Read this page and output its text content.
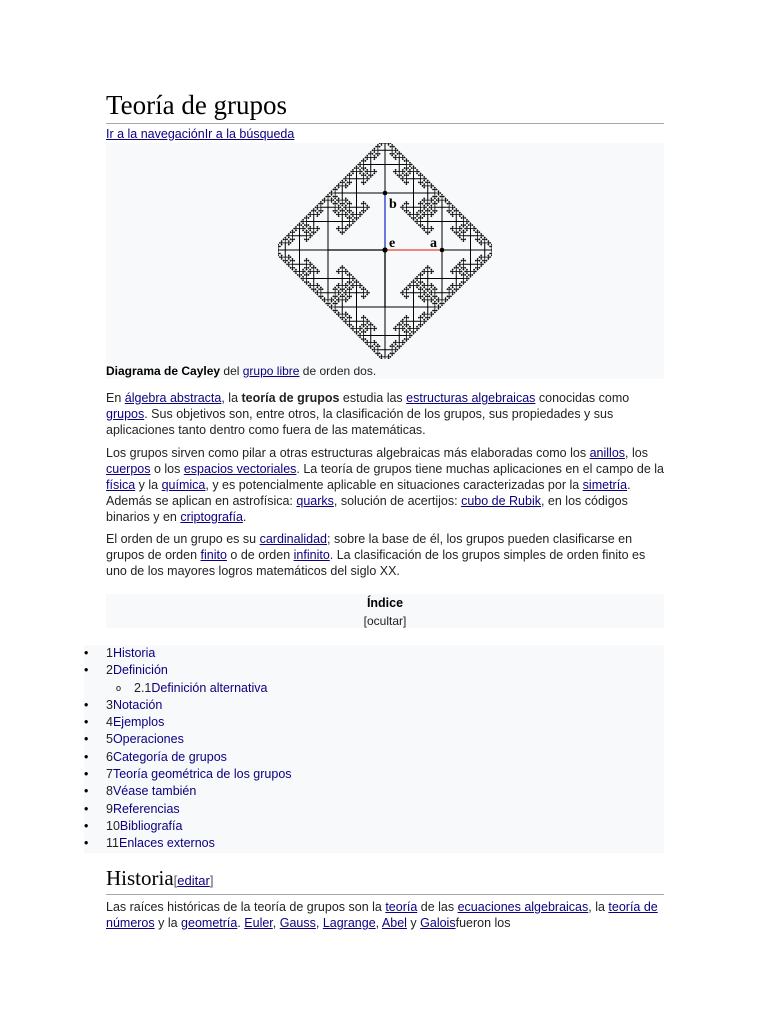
Teoría de grupos
Ir a la navegaciónIr a la búsqueda
b
e a
Diagrama de Cayley del grupo libre de orden dos.

En álgebra abstracta, la teoría de grupos estudia las estructuras algebraicas conocidas como grupos. Sus objetivos son, entre otros, la clasificación de los grupos, sus propiedades y sus aplicaciones tanto dentro como fuera de las matemáticas.

Los grupos sirven como pilar a otras estructuras algebraicas más elaboradas como los anillos, los cuerpos o los espacios vectoriales. La teoría de grupos tiene muchas aplicaciones en el campo de la física y la química, y es potencialmente aplicable en situaciones caracterizadas por la simetría. Además se aplican en astrofísica: quarks, solución de acertijos: cubo de Rubik, en los códigos binarios y en criptografía.

El orden de un grupo es su cardinalidad; sobre la base de él, los grupos pueden clasificarse en grupos de orden finito o de orden infinito. La clasificación de los grupos simples de orden finito es uno de los mayores logros matemáticos del siglo XX.

Índice
[ocultar]
•	1Historia
•	2Definición
o	2.1Definición alternativa
•	3Notación
•	4Ejemplos
•	5Operaciones
•	6Categoría de grupos
•	7Teoría geométrica de los grupos
•	8Véase también
•	9Referencias
•	10Bibliografía
•	11Enlaces externos
Historia[editar]

Las raíces históricas de la teoría de grupos son la teoría de las ecuaciones algebraicas, la teoría de números y la geometría. Euler, Gauss, Lagrange, Abel y Galoisfueron los
